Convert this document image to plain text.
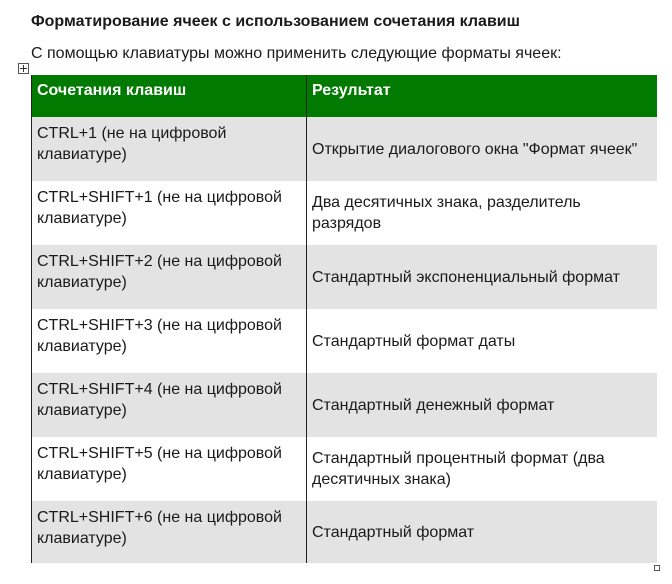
Форматирование ячеек с использованием сочетания клавиш
С помощью клавиатуры можно применить следующие форматы ячеек:
Сочетания клавиш	Результат
CTRL+1 (не на цифровой клавиатуре)	Открытие диалогового окна "Формат ячеек"
CTRL+SHIFT+1 (не на цифровой клавиатуре)	Два десятичных знака, разделитель разрядов
CTRL+SHIFT+2 (не на цифровой клавиатуре)	Стандартный экспоненциальный формат
CTRL+SHIFT+3 (не на цифровой клавиатуре)	Стандартный формат даты
CTRL+SHIFT+4 (не на цифровой клавиатуре)	Стандартный денежный формат
CTRL+SHIFT+5 (не на цифровой клавиатуре)	Стандартный процентный формат (два десятичных знака)
CTRL+SHIFT+6 (не на цифровой клавиатуре)	Стандартный формат
